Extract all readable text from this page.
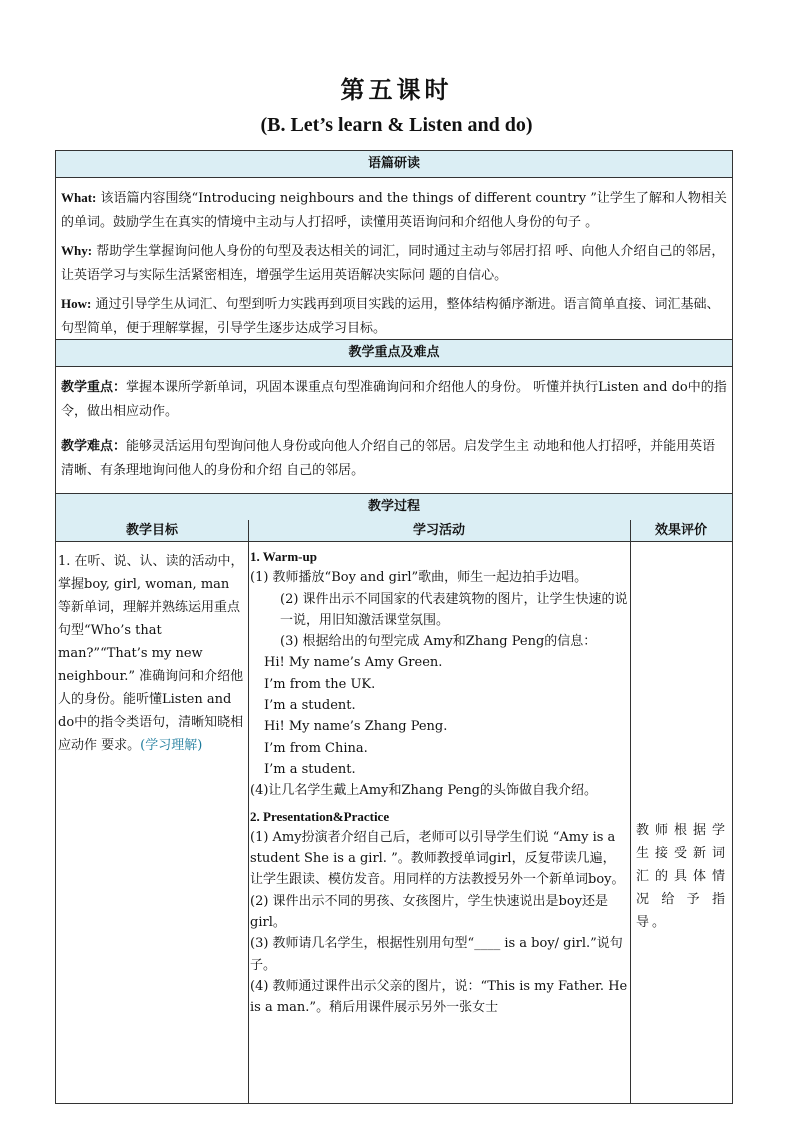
第五课时
(B. Let’s learn & Listen and do)
语篇研读
What: 该语篇内容围绕“Introducing neighbours and the things of different country ”让学生了解和人物相关的单词。鼓励学生在真实的情境中主动与人打招呼，读懂用英语询问和介绍他人身份的句子 。
Why: 帮助学生掌握询问他人身份的句型及表达相关的词汇，同时通过主动与邻居打招 呼、向他人介绍自己的邻居，让英语学习与实际生活紧密相连，增强学生运用英语解决实际问 题的自信心。
How: 通过引导学生从词汇、句型到听力实践再到项目实践的运用，整体结构循序渐进。语言简单直接、词汇基础、句型简单，便于理解掌握，引导学生逐步达成学习目标。
教学重点及难点
教学重点：掌握本课所学新单词，巩固本课重点句型准确询问和介绍他人的身份。 听懂并执行Listen and do中的指令，做出相应动作。
教学难点：能够灵活运用句型询问他人身份或向他人介绍自己的邻居。启发学生主 动地和他人打招呼，并能用英语清晰、有条理地询问他人的身份和介绍 自己的邻居。
教学过程
教学目标	学习活动	效果评价
1. 在听、说、认、读的活动中，掌握boy, girl, woman, man 等新单词，理解并熟练运用重点句型“Who’s that man?”“That’s my new neighbour.” 准确询问和介绍他人的身份。能听懂Listen and do中的指令类语句，清晰知晓相应动作 要求。(学习理解)
1. Warm-up
(1) 教师播放“Boy and girl”歌曲，师生一起边拍手边唱。
(2) 课件出示不同国家的代表建筑物的图片，让学生快速的说一说，用旧知激活课堂氛围。
(3) 根据给出的句型完成 Amy和Zhang Peng的信息：
Hi! My name’s Amy Green.
I’m from the UK.
I’m a student.
Hi! My name’s Zhang Peng.
I’m from China.
I’m a student.
(4)让几名学生戴上Amy和Zhang Peng的头饰做自我介绍。
2. Presentation&Practice
(1) Amy扮演者介绍自己后，老师可以引导学生们说 “Amy is a student She is a girl. ”。教师教授单词girl，反复带读几遍，让学生跟读、模仿发音。用同样的方法教授另外一个新单词boy。
(2) 课件出示不同的男孩、女孩图片，学生快速说出是boy还是girl。
(3) 教师请几名学生，根据性别用句型“____ is a boy/ girl.”说句子。
(4) 教师通过课件出示父亲的图片，说：“This is my Father. He is a man.”。稍后用课件展示另外一张女士
教师根据学生接受新词汇的具体情况给予指导。
